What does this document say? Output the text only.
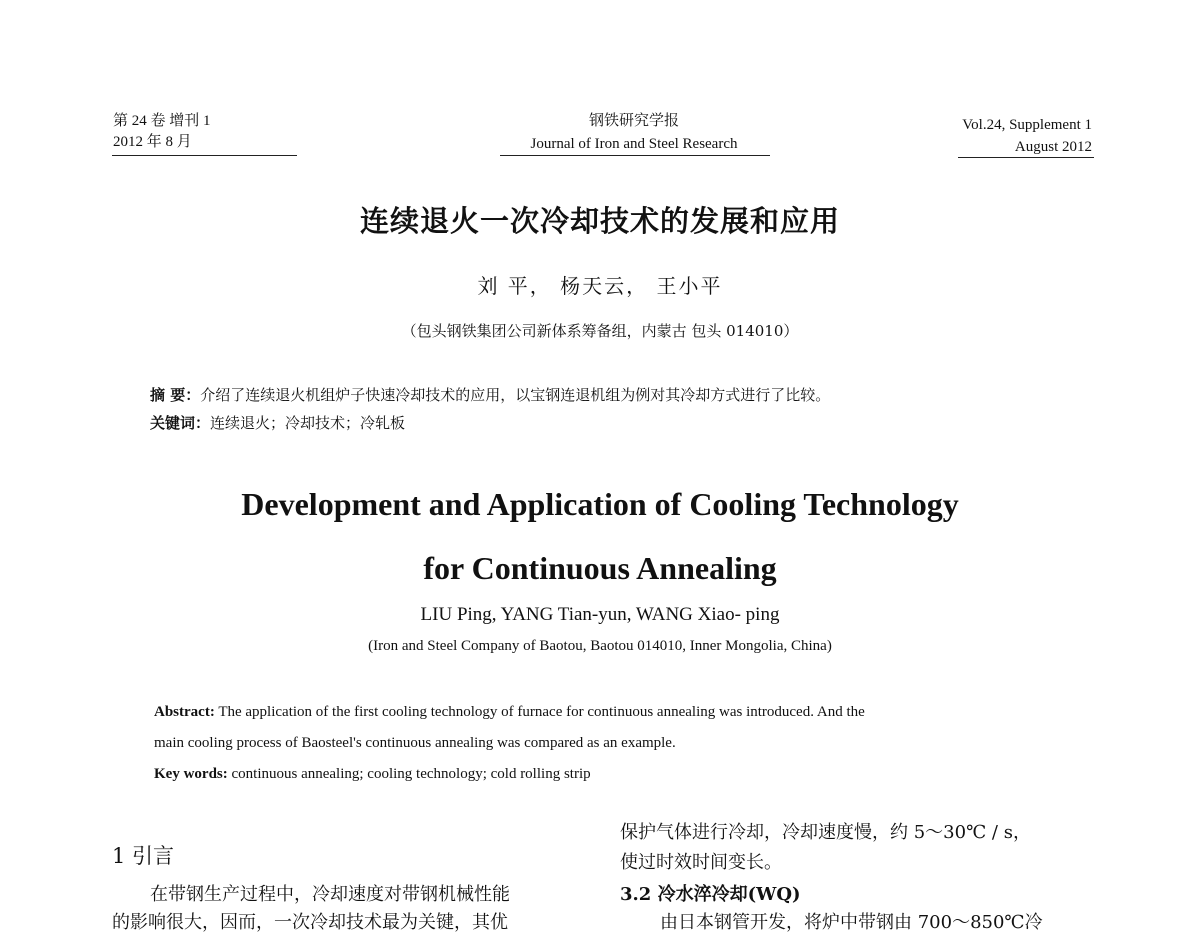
第 24 卷 增刊 1
2012 年 8 月
钢铁研究学报
Journal of Iron and Steel Research
Vol.24, Supplement 1
August 2012
连续退火一次冷却技术的发展和应用
刘 平， 杨天云， 王小平
（包头钢铁集团公司新体系筹备组，内蒙古 包头 014010）
摘 要：介绍了连续退火机组炉子快速冷却技术的应用，以宝钢连退机组为例对其冷却方式进行了比较。
关键词：连续退火；冷却技术；冷轧板
Development and Application of Cooling Technology
for Continuous Annealing
LIU Ping, YANG Tian-yun, WANG Xiao- ping
(Iron and Steel Company of Baotou, Baotou 014010, Inner Mongolia, China)
Abstract: The application of the first cooling technology of furnace for continuous annealing was introduced. And the
main cooling process of Baosteel's continuous annealing was compared as an example.
Key words: continuous annealing; cooling technology; cold rolling strip
1 引言
在带钢生产过程中，冷却速度对带钢机械性能
的影响很大，因而，一次冷却技术最为关键，其优
保护气体进行冷却，冷却速度慢，约 5～30℃ / s，
使过时效时间变长。
3.2 冷水淬冷却(WQ)
由日本钢管开发，将炉中带钢由 700～850℃冷
